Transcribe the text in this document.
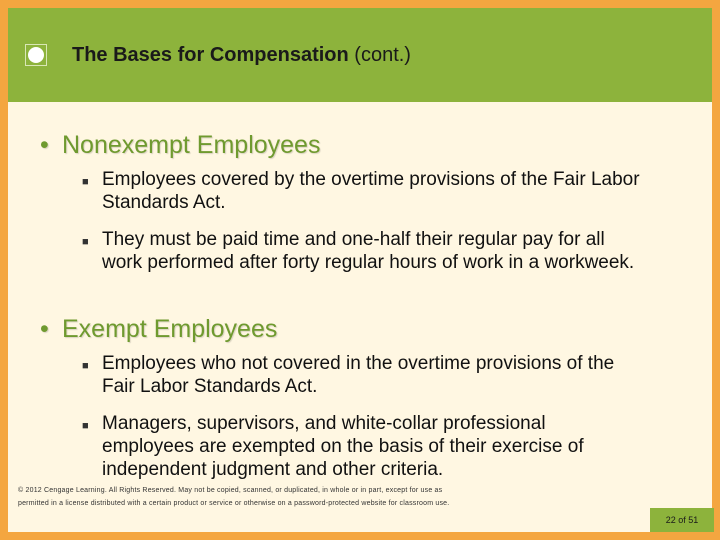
The Bases for Compensation (cont.)
• Nonexempt Employees
■ Employees covered by the overtime provisions of the Fair Labor Standards Act.
■ They must be paid time and one-half their regular pay for all work performed after forty regular hours of work in a workweek.
• Exempt Employees
■ Employees who not covered in the overtime provisions of the Fair Labor Standards Act.
■ Managers, supervisors, and white-collar professional employees are exempted on the basis of their exercise of independent judgment and other criteria.
© 2012 Cengage Learning. All Rights Reserved. May not be copied, scanned, or duplicated, in whole or in part, except for use as
permitted in a license distributed with a certain product or service or otherwise on a password-protected website for classroom use.
22 of 51
